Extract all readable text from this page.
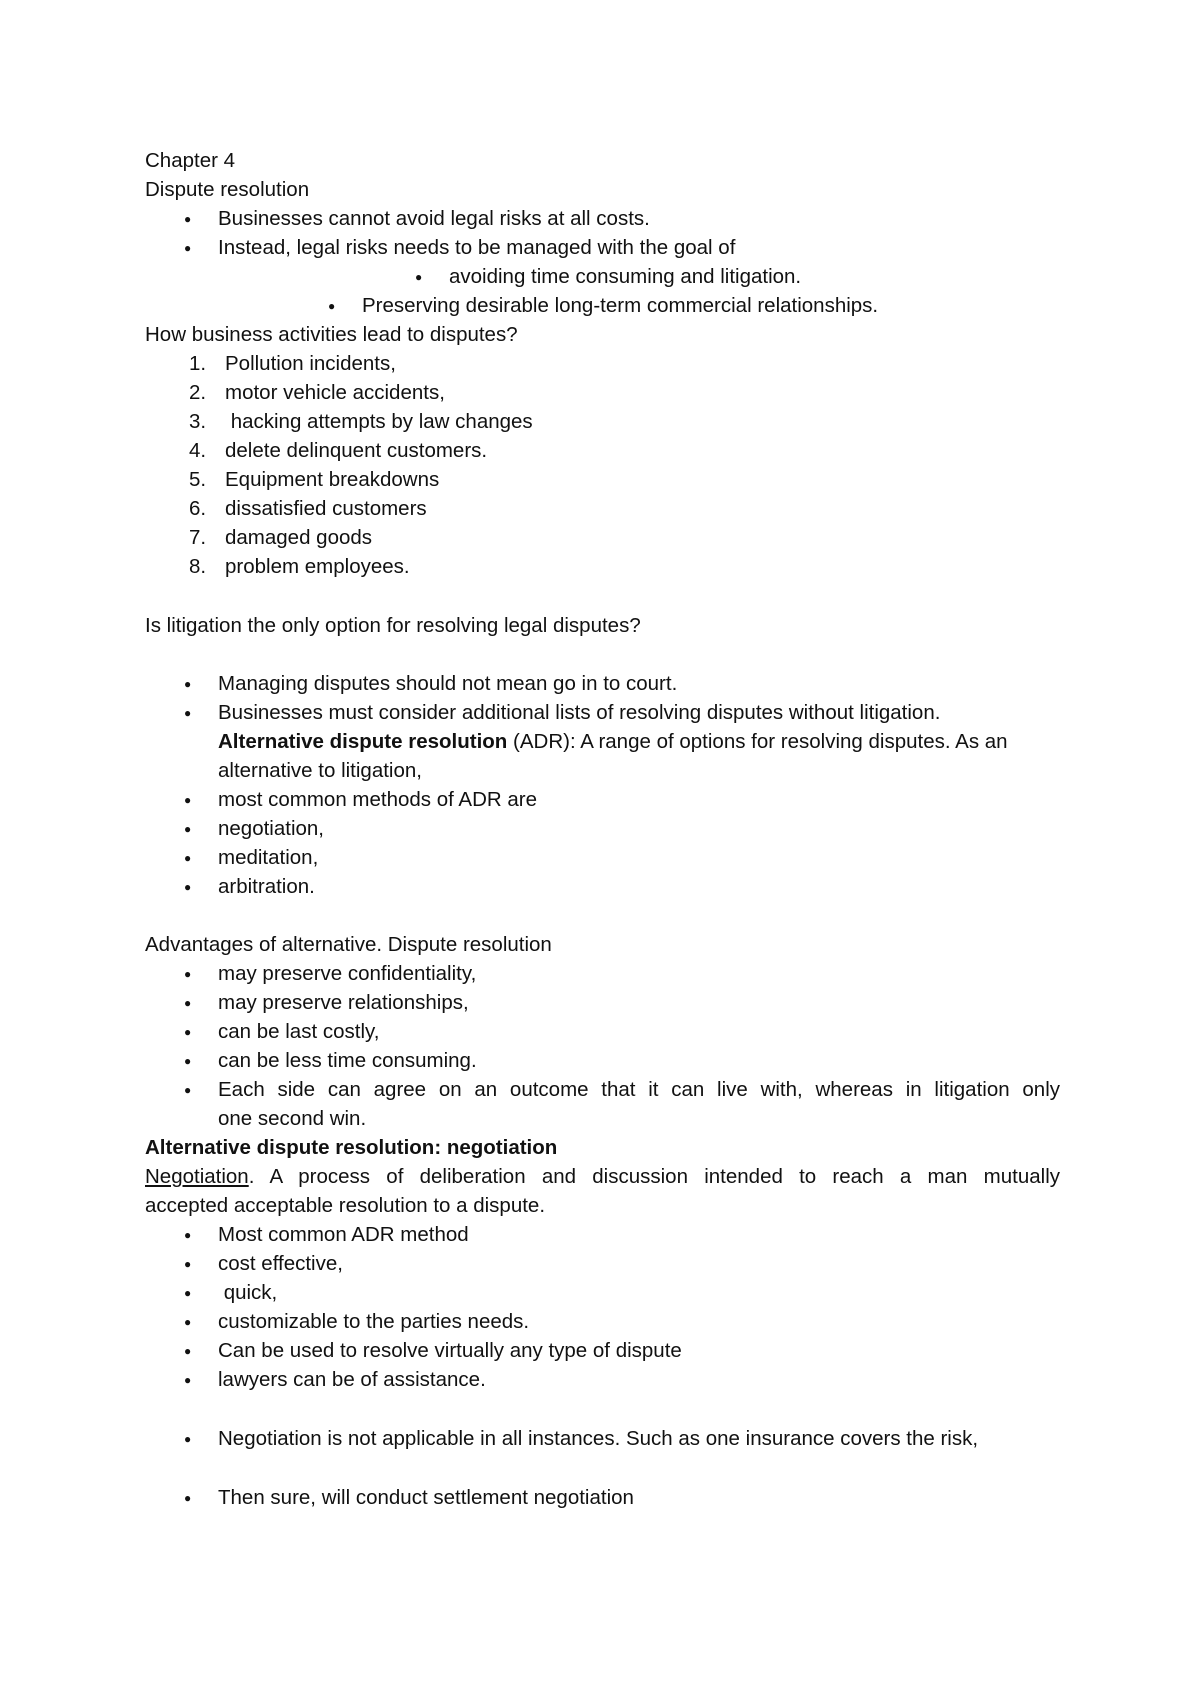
Chapter 4
Dispute resolution
● Businesses cannot avoid legal risks at all costs.
● Instead, legal risks needs to be managed with the goal of
● avoiding time consuming and litigation.
● Preserving desirable long-term commercial relationships.
How business activities lead to disputes?
1. Pollution incidents,
2. motor vehicle accidents,
3. hacking attempts by law changes
4. delete delinquent customers.
5. Equipment breakdowns
6. dissatisfied customers
7. damaged goods
8. problem employees.
Is litigation the only option for resolving legal disputes?
● Managing disputes should not mean go in to court.
● Businesses must consider additional lists of resolving disputes without litigation.
Alternative dispute resolution (ADR): A range of options for resolving disputes. As an
alternative to litigation,
● most common methods of ADR are
● negotiation,
● meditation,
● arbitration.
Advantages of alternative. Dispute resolution
● may preserve confidentiality,
● may preserve relationships,
● can be last costly,
● can be less time consuming.
● Each side can agree on an outcome that it can live with, whereas in litigation only
one second win.
Alternative dispute resolution: negotiation
Negotiation. A process of deliberation and discussion intended to reach a man mutually
accepted acceptable resolution to a dispute.
● Most common ADR method
● cost effective,
●  quick,
● customizable to the parties needs.
● Can be used to resolve virtually any type of dispute
● lawyers can be of assistance.
● Negotiation is not applicable in all instances. Such as one insurance covers the risk,
● Then sure, will conduct settlement negotiation
